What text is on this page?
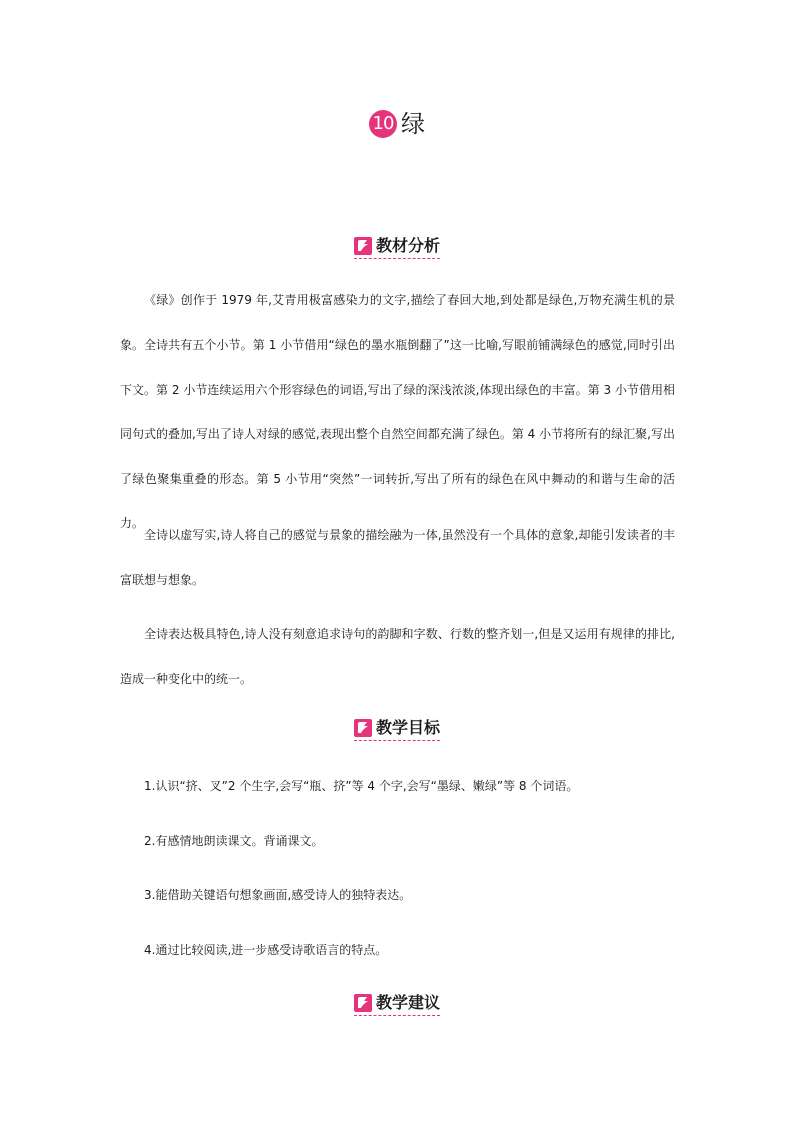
10 绿
教材分析

《绿》创作于 1979 年,艾青用极富感染力的文字,描绘了春回大地,到处都是绿色,万物充满生机的景象。 全诗共有五个小节。第 1 小节借用“绿色的墨水瓶倒翻了”这一比喻,写眼前铺满绿色的感觉,同时引出下文。第 2 小节连续运用六个形容绿色的词语,写出了绿的深浅浓淡,体现出绿色的丰富。第 3 小节借用相同句式的叠加,写出了诗人对绿的感觉,表现出整个自然空间都充满了绿色。第 4 小节将所有的绿汇聚,写出了绿色聚集重叠的形态。第 5 小节用“突然”一词转折,写出了所有的绿色在风中舞动的和谐与生命的活力。

全诗以虚写实,诗人将自己的感觉与景象的描绘融为一体,虽然没有一个具体的意象,却能引发读者的丰富联想与想象。

全诗表达极具特色,诗人没有刻意追求诗句的韵脚和字数、行数的整齐划一,但是又运用有规律的排比,造成一种变化中的统一。

教学目标
1.认识“挤、叉”2 个生字,会写“瓶、挤”等 4 个字,会写“墨绿、嫩绿”等 8 个词语。
2.有感情地朗读课文。背诵课文。
3.能借助关键语句想象画面,感受诗人的独特表达。
4.通过比较阅读,进一步感受诗歌语言的特点。
教学建议
